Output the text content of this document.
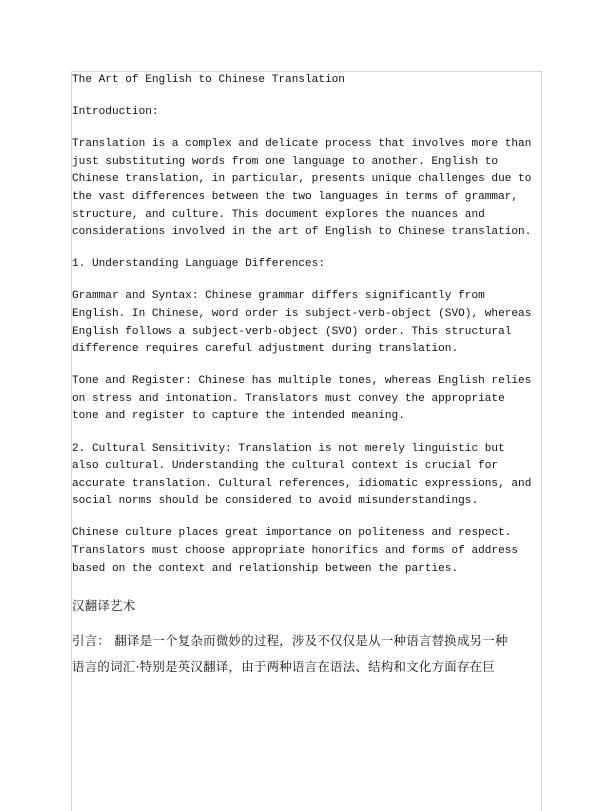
The Art of English to Chinese Translation
Introduction:
Translation is a complex and delicate process that involves more than
just substituting words from one language to another. English to
Chinese translation, in particular, presents unique challenges due to
the vast differences between the two languages in terms of grammar,
structure, and culture. This document explores the nuances and
considerations involved in the art of English to Chinese translation.
1. Understanding Language Differences:
Grammar and Syntax: Chinese grammar differs significantly from
English. In Chinese, word order is subject-verb-object (SVO), whereas
English follows a subject-verb-object (SVO) order. This structural
difference requires careful adjustment during translation.
Tone and Register: Chinese has multiple tones, whereas English relies
on stress and intonation. Translators must convey the appropriate
tone and register to capture the intended meaning.
2. Cultural Sensitivity: Translation is not merely linguistic but
also cultural. Understanding the cultural context is crucial for
accurate translation. Cultural references, idiomatic expressions, and
social norms should be considered to avoid misunderstandings.
Chinese culture places great importance on politeness and respect.
Translators must choose appropriate honorifics and forms of address
based on the context and relationship between the parties.
汉翻译艺术
引言： 翻译是一个复杂而微妙的过程，涉及不仅仅是从一种语言替换成另一种
语言的词汇·特别是英汉翻译，由于两种语言在语法、结构和文化方面存在巨
